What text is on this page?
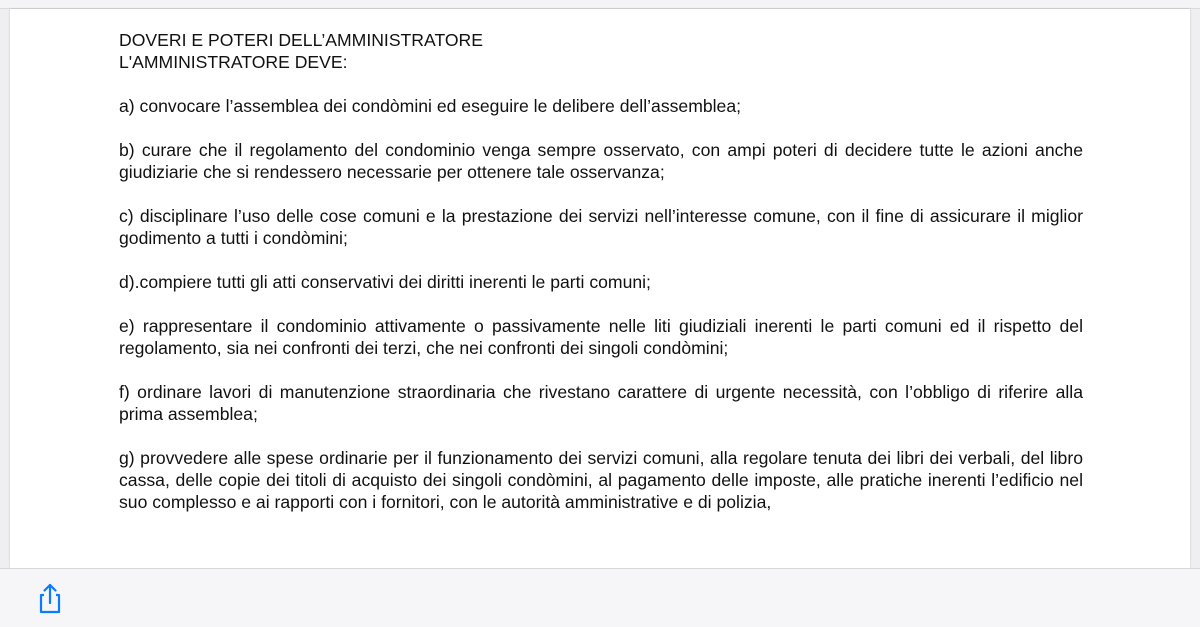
DOVERI E POTERI DELL’AMMINISTRATORE

L'AMMINISTRATORE DEVE:

a) convocare l’assemblea dei condòmini ed eseguire le delibere dell’assemblea;

b) curare che il regolamento del condominio venga sempre osservato, con ampi poteri di decidere tutte le azioni anche giudiziarie che si rendessero necessarie per ottenere tale osservanza;

c) disciplinare l’uso delle cose comuni e la prestazione dei servizi nell’interesse comune, con il fine di assicurare il miglior godimento a tutti i condòmini;

d).compiere tutti gli atti conservativi dei diritti inerenti le parti comuni;

e) rappresentare il condominio attivamente o passivamente nelle liti giudiziali inerenti le parti comuni ed il rispetto del regolamento, sia nei confronti dei terzi, che nei confronti dei singoli condòmini;

f) ordinare lavori di manutenzione straordinaria che rivestano carattere di urgente necessità, con l’obbligo di riferire alla prima assemblea;

g) provvedere alle spese ordinarie per il funzionamento dei servizi comuni, alla regolare tenuta dei libri dei verbali, del libro cassa, delle copie dei titoli di acquisto dei singoli condòmini, al pagamento delle imposte, alle pratiche inerenti l’edificio nel suo complesso e ai rapporti con i fornitori, con le autorità amministrative e di polizia,
